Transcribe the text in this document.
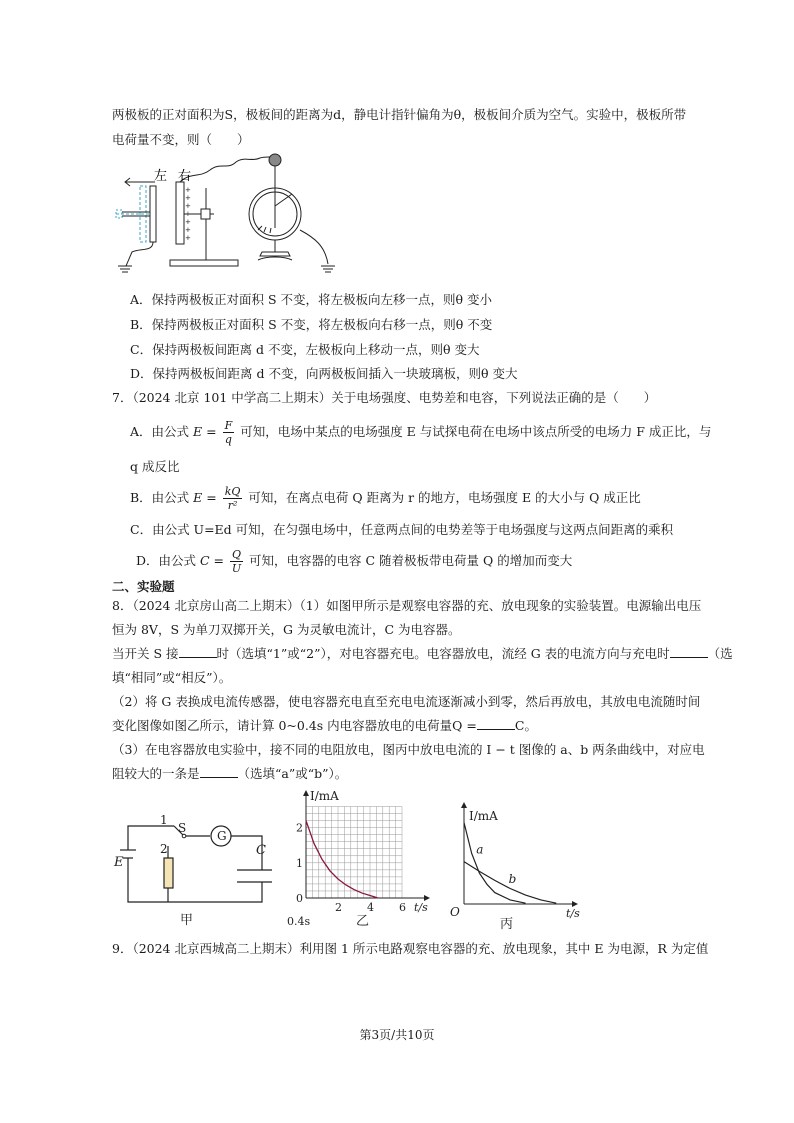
两极板的正对面积为S，极板间的距离为d，静电计指针偏角为θ，极板间介质为空气。实验中，极板所带
电荷量不变，则（　　）
+
+
+
+
+
+
+
左 右
A．保持两极板正对面积 S 不变，将左极板向左移一点，则θ 变小
B．保持两极板正对面积 S 不变，将左极板向右移一点，则θ 不变
C．保持两极板间距离 d 不变，左极板向上移动一点，则θ 变大
D．保持两极板间距离 d 不变，向两极板间插入一块玻璃板，则θ 变大
7．（2024 北京 101 中学高二上期末）关于电场强度、电势差和电容，下列说法正确的是（　　）
A．由公式 $E = \frac{F}{q}$ 可知，电场中某点的电场强度 E 与试探电荷在电场中该点所受的电场力 F 成正比，与
q 成反比
B．由公式 $E = \frac{kQ}{\text{r²}}$ 可知，在离点电荷 Q 距离为 r 的地方，电场强度 E 的大小与 Q 成正比
C．由公式 U=Ed 可知，在匀强电场中，任意两点间的电势差等于电场强度与这两点间距离的乘积
D．由公式 $C = \frac{Q}{U}$ 可知，电容器的电容 C 随着极板带电荷量 Q 的增加而变大
二、实验题
8．（2024 北京房山高二上期末）（1）如图甲所示是观察电容器的充、放电现象的实验装置。电源输出电压
恒为 8V，S 为单刀双掷开关，G 为灵敏电流计，C 为电容器。
当开关 S 接	时（选填“1”或“2”），对电容器充电。电容器放电，流经 G 表的电流方向与充电时	（选
填“相同”或“相反”）。
（2）将 G 表换成电流传感器，使电容器充电直至充电电流逐渐减小到零，然后再放电，其放电电流随时间
变化图像如图乙所示，请计算 0~0.4s 内电容器放电的电荷量Q =	C。
（3）在电容器放电实验中，接不同的电阻放电，图丙中放电电流的 I − t 图像的 a、b 两条曲线中，对应电
阻较大的一条是	（选填“a”或“b”）。
G
1
2
S
C
E
甲
2 4 6
0
1
2
0.4s
I/mA
t/s
乙
a
b
I/mA
t/s
O
丙
9．（2024 北京西城高二上期末）利用图 1 所示电路观察电容器的充、放电现象，其中 E 为电源，R 为定值
第3页/共10页
